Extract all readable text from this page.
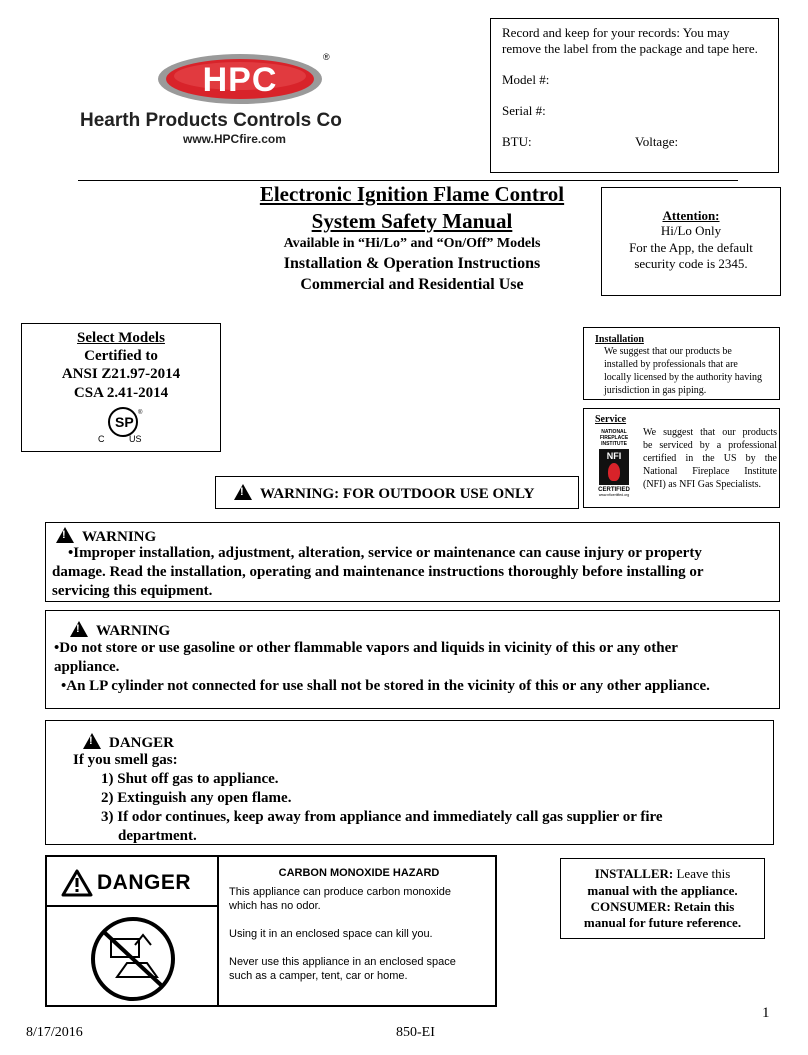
HPC
®
Hearth Products Controls Co
www.HPCfire.com
Record and keep for your records: You may
remove the label from the package and tape here.
Model #:
Serial #:
BTU:	Voltage:
Electronic Ignition Flame Control
System Safety Manual
Available in “Hi/Lo” and “On/Off” Models
Installation & Operation Instructions
Commercial and Residential Use
Attention:
Hi/Lo Only
For the App, the default
security code is 2345.
Select Models
Certified to
ANSI Z21.97-2014
CSA 2.41-2014
SP
®
C	US
Installation
We suggest that our products be
installed by professionals that are
locally licensed by the authority having
jurisdiction in gas piping.
Service
NATIONAL
FIREPLACE
INSTITUTE
NFI
CERTIFIED
www.nficertified.org
We suggest that our products
be serviced by a professional
certified in the US by the
National Fireplace Institute
(NFI) as NFI Gas Specialists.
!WARNING: FOR OUTDOOR USE ONLY
!WARNING
•Improper installation, adjustment, alteration, service or maintenance can cause injury or property
damage. Read the installation, operating and maintenance instructions thoroughly before installing or
servicing this equipment.
!WARNING
•Do not store or use gasoline or other flammable vapors and liquids in vicinity of this or any other
appliance.
•An LP cylinder not connected for use shall not be stored in the vicinity of this or any other appliance.
!DANGER
If you smell gas:
1) Shut off gas to appliance.
2) Extinguish any open flame.
3) If odor continues, keep away from appliance and immediately call gas supplier or fire
department.
DANGER	CARBON MONOXIDE HAZARD
This appliance can produce carbon monoxide
which has no odor.
Using it in an enclosed space can kill you.
Never use this appliance in an enclosed space
such as a camper, tent, car or home.
INSTALLER: Leave this
manual with the appliance.
CONSUMER: Retain this
manual for future reference.
1
8/17/2016	850-EI
